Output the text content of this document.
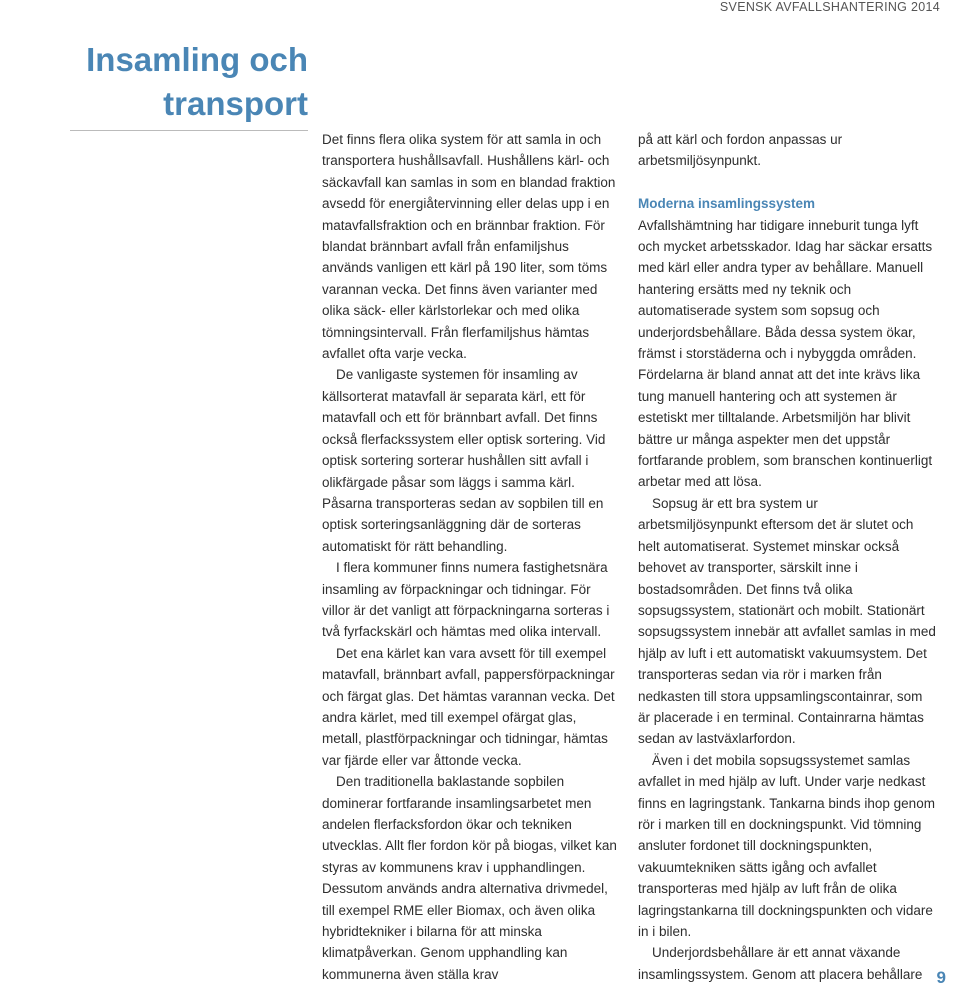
SVENSK AVFALLSHANTERING 2014
Insamling och
transport

Det finns flera olika system för att samla in och transportera hushållsavfall. Hushållens kärl- och säckavfall kan samlas in som en blandad fraktion avsedd för energiåtervinning eller delas upp i en matavfallsfraktion och en brännbar fraktion. För blandat brännbart avfall från enfamiljshus används vanligen ett kärl på 190 liter, som töms varannan vecka. Det finns även varianter med olika säck- eller kärlstorlekar och med olika tömningsintervall. Från flerfamiljshus hämtas avfallet ofta varje vecka.

De vanligaste systemen för insamling av källsorterat matavfall är separata kärl, ett för matavfall och ett för brännbart avfall. Det finns också flerfackssystem eller optisk sortering. Vid optisk sortering sorterar hushållen sitt avfall i olikfärgade påsar som läggs i samma kärl. Påsarna transporteras sedan av sopbilen till en optisk sorteringsanläggning där de sorteras automatiskt för rätt behandling.

I flera kommuner finns numera fastighetsnära insamling av förpackningar och tidningar. För villor är det vanligt att förpackningarna sorteras i två fyrfackskärl och hämtas med olika intervall.

Det ena kärlet kan vara avsett för till exempel matavfall, brännbart avfall, pappersförpackningar och färgat glas. Det hämtas varannan vecka. Det andra kärlet, med till exempel ofärgat glas, metall, plastförpackningar och tidningar, hämtas var fjärde eller var åttonde vecka.

Den traditionella baklastande sopbilen dominerar fortfarande insamlingsarbetet men andelen flerfacksfordon ökar och tekniken utvecklas. Allt fler fordon kör på biogas, vilket kan styras av kommunens krav i upphandlingen. Dessutom används andra alternativa drivmedel, till exempel RME eller Biomax, och även olika hybridtekniker i bilarna för att minska klimatpåverkan. Genom upphandling kan kommunerna även ställa krav

på att kärl och fordon anpassas ur arbetsmiljösynpunkt.

Moderna insamlingssystem

Avfallshämtning har tidigare inneburit tunga lyft och mycket arbetsskador. Idag har säckar ersatts med kärl eller andra typer av behållare. Manuell hantering ersätts med ny teknik och automatiserade system som sopsug och underjordsbehållare. Båda dessa system ökar, främst i storstäderna och i nybyggda områden.

Fördelarna är bland annat att det inte krävs lika tung manuell hantering och att systemen är estetiskt mer tilltalande. Arbetsmiljön har blivit bättre ur många aspekter men det uppstår fortfarande problem, som branschen kontinuerligt arbetar med att lösa.

Sopsug är ett bra system ur arbetsmiljösynpunkt eftersom det är slutet och helt automatiserat. Systemet minskar också behovet av transporter, särskilt inne i bostadsområden. Det finns två olika sopsugssystem, stationärt och mobilt. Stationärt sopsugssystem innebär att avfallet samlas in med hjälp av luft i ett automatiskt vakuumsystem. Det transporteras sedan via rör i marken från nedkasten till stora uppsamlingscontainrar, som är placerade i en terminal. Containrarna hämtas sedan av lastväxlarfordon.

Även i det mobila sopsugssystemet samlas avfallet in med hjälp av luft. Under varje nedkast finns en lagringstank. Tankarna binds ihop genom rör i marken till en dockningspunkt. Vid tömning ansluter fordonet till dockningspunkten, vakuumtekniken sätts igång och avfallet transporteras med hjälp av luft från de olika lagringstankarna till dockningspunkten och vidare in i bilen.

Underjordsbehållare är ett annat växande insamlingssystem. Genom att placera behållare 9
